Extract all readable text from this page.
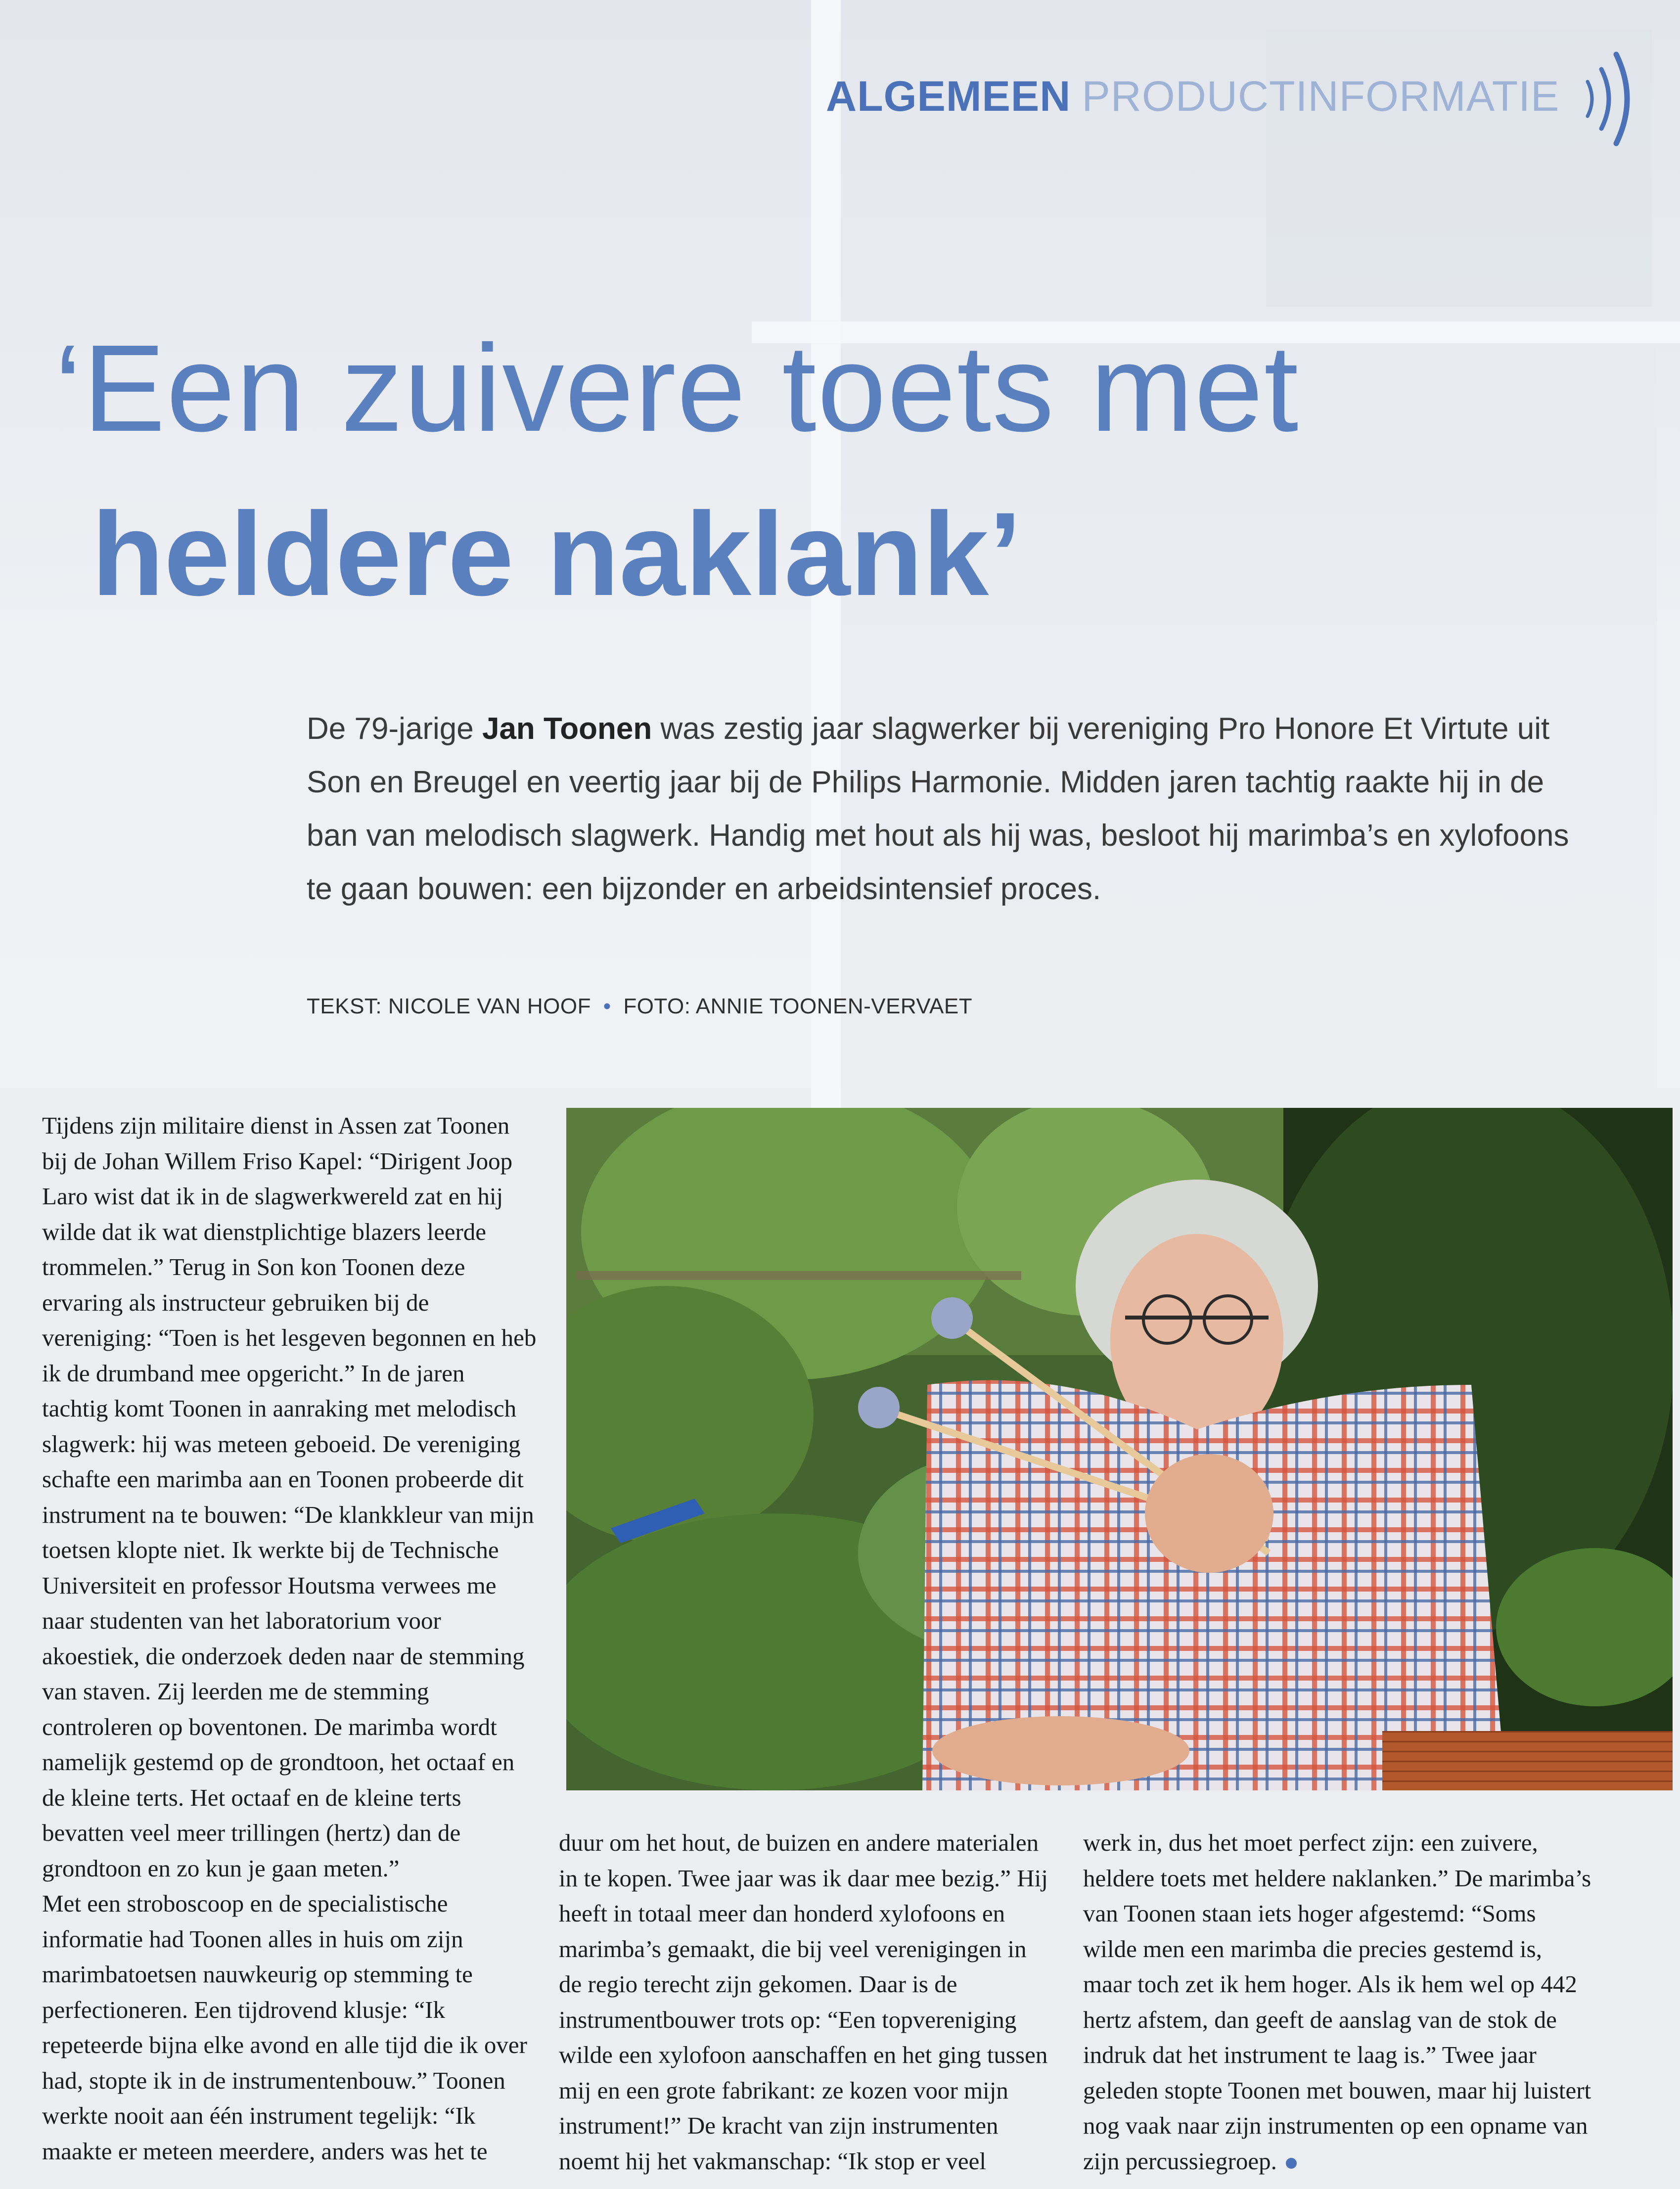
ALGEMEEN PRODUCTINFORMATIE
‘Een zuivere toets met
heldere naklank’
De 79-jarige Jan Toonen was zestig jaar slagwerker bij vereniging Pro Honore Et Virtute uit Son en Breugel en veertig jaar bij de Philips Harmonie. Midden jaren tachtig raakte hij in de ban van melodisch slagwerk. Handig met hout als hij was, besloot hij marimba’s en xylofoons te gaan bouwen: een bijzonder en arbeidsintensief proces.
TEKST: NICOLE VAN HOOF • FOTO: ANNIE TOONEN-VERVAET

Tijdens zijn militaire dienst in Assen zat Toonen bij de Johan Willem Friso Kapel: “Dirigent Joop Laro wist dat ik in de slagwerkwereld zat en hij wilde dat ik wat dienstplichtige blazers leerde trommelen.” Terug in Son kon Toonen deze ervaring als instructeur gebruiken bij de vereniging: “Toen is het lesgeven begonnen en heb ik de drumband mee opgericht.” In de jaren tachtig komt Toonen in aanraking met melodisch slagwerk: hij was meteen geboeid. De vereniging schafte een marimba aan en Toonen probeerde dit instrument na te bouwen: “De klankkleur van mijn toetsen klopte niet. Ik werkte bij de Technische Universiteit en professor Houtsma verwees me naar studenten van het laboratorium voor akoestiek, die onderzoek deden naar de stemming van staven. Zij leerden me de stemming controleren op boventonen. De marimba wordt namelijk gestemd op de grondtoon, het octaaf en de kleine terts. Het octaaf en de kleine terts bevatten veel meer trillingen (hertz) dan de grondtoon en zo kun je gaan meten.”

Met een stroboscoop en de specialistische informatie had Toonen alles in huis om zijn marimbatoetsen nauwkeurig op stemming te perfectioneren. Een tijdrovend klusje: “Ik repeteerde bijna elke avond en alle tijd die ik over had, stopte ik in de instrumentenbouw.” Toonen werkte nooit aan één instrument tegelijk: “Ik maakte er meteen meerdere, anders was het te

duur om het hout, de buizen en andere materialen in te kopen. Twee jaar was ik daar mee bezig.” Hij heeft in totaal meer dan honderd xylofoons en marimba’s gemaakt, die bij veel verenigingen in de regio terecht zijn gekomen. Daar is de instrumentbouwer trots op: “Een topvereniging wilde een xylofoon aanschaffen en het ging tussen mij en een grote fabrikant: ze kozen voor mijn instrument!” De kracht van zijn instrumenten noemt hij het vakmanschap: “Ik stop er veel

werk in, dus het moet perfect zijn: een zuivere, heldere toets met heldere naklanken.” De marimba’s van Toonen staan iets hoger afgestemd: “Soms wilde men een marimba die precies gestemd is, maar toch zet ik hem hoger. Als ik hem wel op 442 hertz afstem, dan geeft de aanslag van de stok de indruk dat het instrument te laag is.” Twee jaar geleden stopte Toonen met bouwen, maar hij luistert nog vaak naar zijn instrumenten op een opname van zijn percussiegroep.
